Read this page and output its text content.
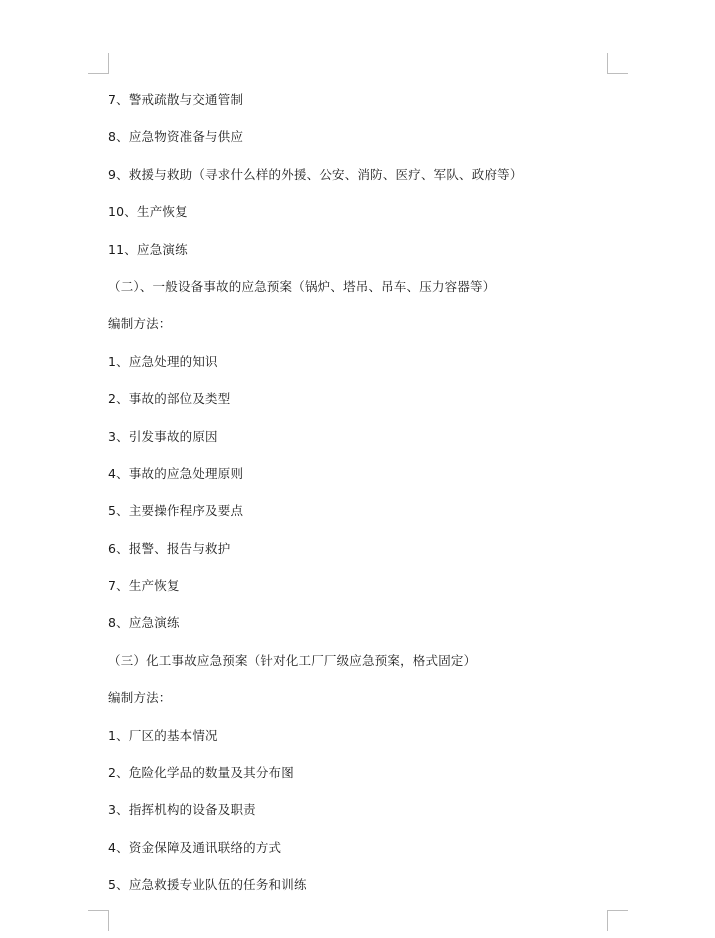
7、警戒疏散与交通管制
8、应急物资准备与供应
9、救援与救助（寻求什么样的外援、公安、消防、医疗、军队、政府等）
10、生产恢复
11、应急演练
（二）、一般设备事故的应急预案（锅炉、塔吊、吊车、压力容器等）
编制方法：
1、应急处理的知识
2、事故的部位及类型
3、引发事故的原因
4、事故的应急处理原则
5、主要操作程序及要点
6、报警、报告与救护
7、生产恢复
8、应急演练
（三）化工事故应急预案（针对化工厂厂级应急预案，格式固定）
编制方法：
1、厂区的基本情况
2、危险化学品的数量及其分布图
3、指挥机构的设备及职责
4、资金保障及通讯联络的方式
5、应急救援专业队伍的任务和训练
